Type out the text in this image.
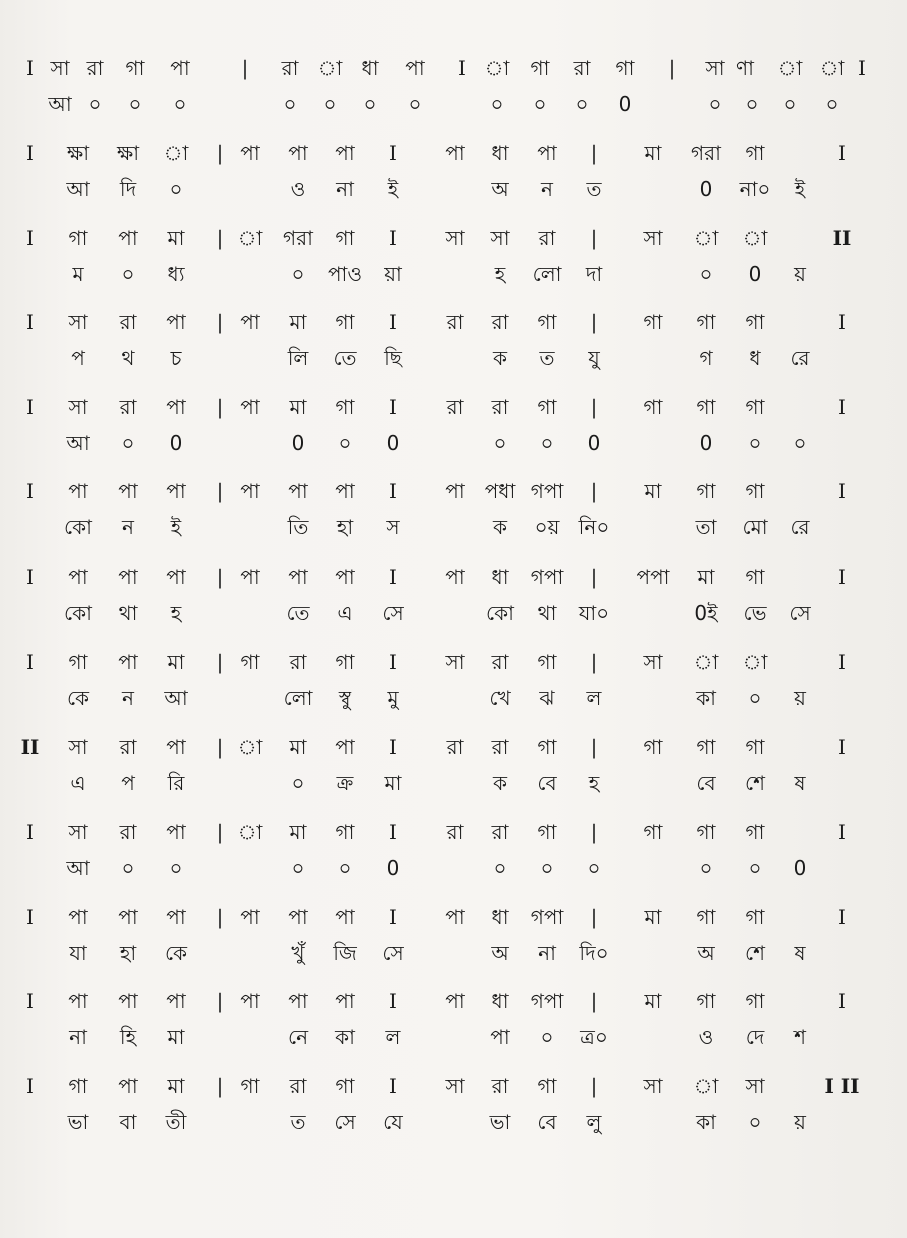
I সা রা গা পা	| রা া ধা পা I া গা রা গা | সা ণা া া I
আ ০ ০ ০	০ ০ ০ ০	০ ০ ০ 0	০ ০ ০ ০
I ক্ষা ক্ষা া | পা পা পা I পা ধা পা | মা গরা গা	I
আ দি ০	ও না ই	অ ন ত	0 না০ ই
I গা পা মা | া গরা গা I সা সা রা | সা া া	II
ম ০ ধ্য	০ পাও য়া	হ লো দা	০ 0 য়
I সা রা পা | পা মা গা I রা রা গা | গা গা গা	I
প থ চ	লি তে ছি	ক ত যু	গ ধ রে
I সা রা পা | পা মা গা I রা রা গা | গা গা গা	I
আ ০ 0	0 ০ 0	০ ০ 0	0 ০ ০
I পা পা পা | পা পা পা I পা পধা গপা | মা গা গা	I
কো ন ই	তি হা স	ক ০য় নি০	তা মো রে
I পা পা পা | পা পা পা I পা ধা গপা | পপা মা গা	I
কো থা হ	তে এ সে	কো থা যা০	0ই ভে সে
I গা পা মা | গা রা গা I সা রা গা | সা া া	I
কে ন আ	লো স্বু মু	খে ঝ ল	কা ০ য়
II সা রা পা | া মা পা I রা রা গা | গা গা গা	I
এ প রি	০ ক্র মা	ক বে হ	বে শে ষ
I সা রা পা | া মা গা I রা রা গা | গা গা গা	I
আ ০ ০	০ ০ 0	০ ০ ০	০ ০ 0
I পা পা পা | পা পা পা I পা ধা গপা | মা গা গা	I
যা হা কে	খুঁ জি সে	অ না দি০	অ শে ষ
I পা পা পা | পা পা পা I পা ধা গপা | মা গা গা	I
না হি মা	নে কা ল	পা ০ ত্র০	ও দে শ
I গা পা মা | গা রা গা I সা রা গা | সা া সা	I II
ভা বা তী	ত সে যে	ভা বে লু	কা ০ য়
